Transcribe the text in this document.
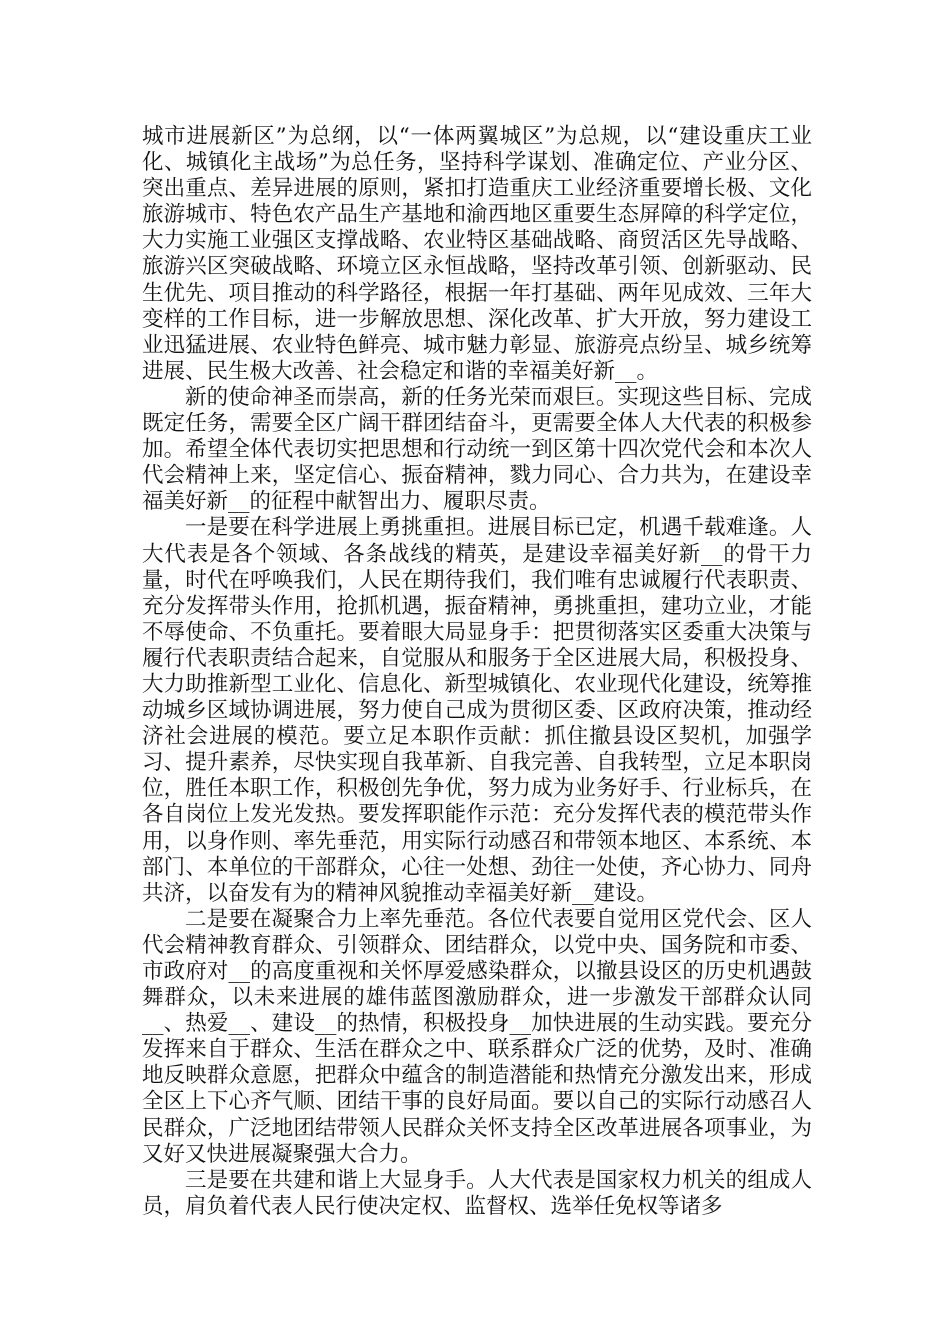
城市进展新区”为总纲，以“一体两翼城区”为总规，以“建设重庆工业化、城镇化主战场”为总任务，坚持科学谋划、准确定位、产业分区、突出重点、差异进展的原则，紧扣打造重庆工业经济重要增长极、文化旅游城市、特色农产品生产基地和渝西地区重要生态屏障的科学定位，大力实施工业强区支撑战略、农业特区基础战略、商贸活区先导战略、旅游兴区突破战略、环境立区永恒战略，坚持改革引领、创新驱动、民生优先、项目推动的科学路径，根据一年打基础、两年见成效、三年大变样的工作目标，进一步解放思想、深化改革、扩大开放，努力建设工业迅猛进展、农业特色鲜亮、城市魅力彰显、旅游亮点纷呈、城乡统筹进展、民生极大改善、社会稳定和谐的幸福美好新__。

新的使命神圣而崇高，新的任务光荣而艰巨。实现这些目标、完成既定任务，需要全区广阔干群团结奋斗，更需要全体人大代表的积极参加。希望全体代表切实把思想和行动统一到区第十四次党代会和本次人代会精神上来，坚定信心、振奋精神，戮力同心、合力共为，在建设幸福美好新__的征程中献智出力、履职尽责。

一是要在科学进展上勇挑重担。进展目标已定，机遇千载难逢。人大代表是各个领域、各条战线的精英，是建设幸福美好新__的骨干力量，时代在呼唤我们，人民在期待我们，我们唯有忠诚履行代表职责、充分发挥带头作用，抢抓机遇，振奋精神，勇挑重担，建功立业，才能不辱使命、不负重托。要着眼大局显身手：把贯彻落实区委重大决策与履行代表职责结合起来，自觉服从和服务于全区进展大局，积极投身、大力助推新型工业化、信息化、新型城镇化、农业现代化建设，统筹推动城乡区域协调进展，努力使自己成为贯彻区委、区政府决策，推动经济社会进展的模范。要立足本职作贡献：抓住撤县设区契机，加强学习、提升素养，尽快实现自我革新、自我完善、自我转型，立足本职岗位，胜任本职工作，积极创先争优，努力成为业务好手、行业标兵，在各自岗位上发光发热。要发挥职能作示范：充分发挥代表的模范带头作用，以身作则、率先垂范，用实际行动感召和带领本地区、本系统、本部门、本单位的干部群众，心往一处想、劲往一处使，齐心协力、同舟共济，以奋发有为的精神风貌推动幸福美好新__建设。

二是要在凝聚合力上率先垂范。各位代表要自觉用区党代会、区人代会精神教育群众、引领群众、团结群众，以党中央、国务院和市委、市政府对__的高度重视和关怀厚爱感染群众，以撤县设区的历史机遇鼓舞群众，以未来进展的雄伟蓝图激励群众，进一步激发干部群众认同__、热爱__、建设__的热情，积极投身__加快进展的生动实践。要充分发挥来自于群众、生活在群众之中、联系群众广泛的优势，及时、准确地反映群众意愿，把群众中蕴含的制造潜能和热情充分激发出来，形成全区上下心齐气顺、团结干事的良好局面。要以自己的实际行动感召人民群众，广泛地团结带领人民群众关怀支持全区改革进展各项事业，为又好又快进展凝聚强大合力。

三是要在共建和谐上大显身手。人大代表是国家权力机关的组成人员，肩负着代表人民行使决定权、监督权、选举任免权等诸多
